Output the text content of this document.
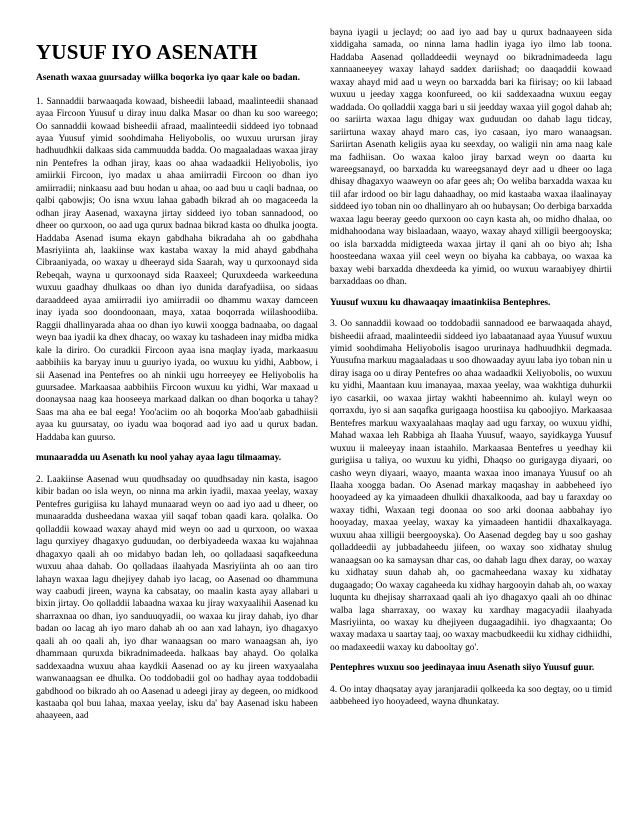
YUSUF IYO ASENATH

Asenath waxaa guursaday wiilka boqorka iyo qaar kale oo badan.

1. Sannaddii barwaaqada kowaad, bisheedii labaad, maalinteedii shanaad ayaa Fircoon Yuusuf u diray inuu dalka Masar oo dhan ku soo wareego; Oo sannaddii kowaad bisheedii afraad, maalinteedii siddeed iyo tobnaad ayaa Yuusuf yimid soohdimaha Heliyobolis, oo wuxuu urursan jiray hadhuudhkii dalkaas sida cammuudda badda. Oo magaaladaas waxaa jiray nin Pentefres la odhan jiray, kaas oo ahaa wadaadkii Heliyobolis, iyo amiirkii Fircoon, iyo madax u ahaa amiirradii Fircoon oo dhan iyo amiirradii; ninkaasu aad buu hodan u ahaa, oo aad buu u caqli badnaa, oo qalbi qabowjis; Oo isna wxuu lahaa gabadh bikrad ah oo magaceeda la odhan jiray Aasenad, waxayna jirtay siddeed iyo toban sannadood, oo dheer oo qurxoon, oo aad uga qurux badnaa bikrad kasta oo dhulka joogta. Haddaba Asenad isuma ekayn gabdhaha bikradaha ah oo gabdhaha Masriyiinta ah, laakiinse wax kastaba waxay la mid ahayd gabdhaha Cibraaniyada, oo waxay u dheerayd sida Saarah, way u qurxoonayd sida Rebeqah, wayna u qurxoonayd sida Raaxeel; Quruxdeeda warkeeduna wuxuu gaadhay dhulkaas oo dhan iyo dunida darafyadiisa, oo sidaas daraaddeed ayaa amiirradii iyo amiirradii oo dhammu waxay damceen inay iyada soo doondoonaan, maya, xataa boqorrada wiilashoodiiba. Raggii dhallinyarada ahaa oo dhan iyo kuwii xoogga badnaaba, oo dagaal weyn baa iyadii ka dhex dhacay, oo waxay ku tashadeen inay midba midka kale la diriro. Oo curadkii Fircoon ayaa isna maqlay iyada, markaasuu aabbihiis ka baryay inuu u guuriyo iyada, oo wuxuu ku yidhi, Aabbow, i sii Aasenad ina Pentefres oo ah ninkii ugu horreeyey ee Heliyobolis ha guursadee. Markaasaa aabbihiis Fircoon wuxuu ku yidhi, War maxaad u doonaysaa naag kaa hooseeya markaad dalkan oo dhan boqorka u tahay? Saas ma aha ee bal eega! Yoo'aciim oo ah boqorka Moo'aab gabadhiisii ayaa ku guursatay, oo iyadu waa boqorad aad iyo aad u qurux badan. Haddaba kan guurso.

munaaradda uu Asenath ku nool yahay ayaa lagu tilmaamay.

2. Laakiinse Aasenad wuu quudhsaday oo quudhsaday nin kasta, isagoo kibir badan oo isla weyn, oo ninna ma arkin iyadii, maxaa yeelay, waxay Pentefres gurigiisa ku lahayd munaarad weyn oo aad iyo aad u dheer, oo munaaradda dusheedana waxaa yiil saqaf toban qaadi kara. qolalka. Oo qolladdii kowaad waxay ahayd mid weyn oo aad u qurxoon, oo waxaa lagu qurxiyey dhagaxyo guduudan, oo derbiyadeeda waxaa ku wajahnaa dhagaxyo qaali ah oo midabyo badan leh, oo qolladaasi saqafkeeduna wuxuu ahaa dahab. Oo qolladaas ilaahyada Masriyiinta ah oo aan tiro lahayn waxaa lagu dhejiyey dahab iyo lacag, oo Aasenad oo dhammuna way caabudi jireen, wayna ka cabsatay, oo maalin kasta ayay allabari u bixin jirtay. Oo qolladdii labaadna waxaa ku jiray waxyaalihii Aasenad ku sharraxnaa oo dhan, iyo sanduuqyadii, oo waxaa ku jiray dahab, iyo dhar badan oo lacag ah iyo maro dahab ah oo aan xad lahayn, iyo dhagaxyo qaali ah oo qaali ah, iyo dhar wanaagsan oo maro wanaagsan ah, iyo dhammaan quruxda bikradnimadeeda. halkaas bay ahayd. Oo qolalka saddexaadna wuxuu ahaa kaydkii Aasenad oo ay ku jireen waxyaalaha wanwanaagsan ee dhulka. Oo toddobadii gol oo hadhay ayaa toddobadii gabdhood oo bikrado ah oo Aasenad u adeegi jiray ay degeen, oo midkood kastaaba qol buu lahaa, maxaa yeelay, isku da' bay Aasenad isku habeen ahaayeen, aad

bayna iyagii u jeclayd; oo aad iyo aad bay u qurux badnaayeen sida xiddigaha samada, oo ninna lama hadlin iyaga iyo ilmo lab toona. Haddaba Aasenad qolladdeedii weynayd oo bikradnimadeeda lagu xannaaneeyey waxay lahayd saddex dariishad; oo daaqaddii kowaad waxay ahayd mid aad u weyn oo barxadda bari ka fiirisay; oo kii labaad wuxuu u jeeday xagga koonfureed, oo kii saddexaadna wuxuu eegay waddada. Oo qolladdii xagga bari u sii jeedday waxaa yiil gogol dahab ah; oo sariirta waxaa lagu dhigay wax guduudan oo dahab lagu tidcay, sariirtuna waxay ahayd maro cas, iyo casaan, iyo maro wanaagsan. Sariirtan Asenath keligiis ayaa ku seexday, oo waligii nin ama naag kale ma fadhiisan. Oo waxaa kaloo jiray barxad weyn oo daarta ku wareegsanayd, oo barxadda ku wareegsanayd deyr aad u dheer oo laga dhisay dhagaxyo waaweyn oo afar gees ah; Oo weliba barxadda waxaa ku tiil afar irdood oo bir lagu dahaadhay, oo mid kastaaba waxaa ilaalinayay siddeed iyo toban nin oo dhallinyaro ah oo hubaysan; Oo derbiga barxadda waxaa lagu beeray geedo qurxoon oo cayn kasta ah, oo midho dhalaa, oo midhahoodana way bislaadaan, waayo, waxay ahayd xilligii beergooyska; oo isla barxadda midigteeda waxaa jirtay il qani ah oo biyo ah; Isha hoosteedana waxaa yiil ceel weyn oo biyaha ka cabbaya, oo waxaa ka baxay webi barxadda dhexdeeda ka yimid, oo wuxuu waraabiyey dhirtii barxaddaas oo dhan.

Yuusuf wuxuu ku dhawaaqay imaatinkiisa Bentephres.

3. Oo sannaddii kowaad oo toddobadii sannadood ee barwaaqada ahayd, bisheedii afraad, maalinteedii siddeed iyo labaatanaad ayaa Yuusuf wuxuu yimid soohdimaha Heliyobolis isagoo ururinaya hadhuudhkii degmada. Yuusufna markuu magaaladaas u soo dhowaaday ayuu laba iyo toban nin u diray isaga oo u diray Pentefres oo ahaa wadaadkii Xeliyobolis, oo wuxuu ku yidhi, Maantaan kuu imanayaa, maxaa yeelay, waa wakhtiga duhurkii iyo casarkii, oo waxaa jirtay wakhti habeennimo ah. kulayl weyn oo qorraxdu, iyo si aan saqafka gurigaaga hoostiisa ku qaboojiyo. Markaasaa Bentefres markuu waxyaalahaas maqlay aad ugu farxay, oo wuxuu yidhi, Mahad waxaa leh Rabbiga ah Ilaaha Yuusuf, waayo, sayidkayga Yuusuf wuxuu ii maleeyay inaan istaahilo. Markaasaa Bentefres u yeedhay kii gurigiisa u taliya, oo wuxuu ku yidhi, Dhaqso oo gurigayga diyaari, oo casho weyn diyaari, waayo, maanta waxaa inoo imanaya Yuusuf oo ah Ilaaha xoogga badan. Oo Asenad markay maqashay in aabbeheed iyo hooyadeed ay ka yimaadeen dhulkii dhaxalkooda, aad bay u faraxday oo waxay tidhi, Waxaan tegi doonaa oo soo arki doonaa aabbahay iyo hooyaday, maxaa yeelay, waxay ka yimaadeen hantidii dhaxalkayaga. wuxuu ahaa xilligii beergooyska). Oo Aasenad degdeg bay u soo gashay qolladdeedii ay jubbadaheedu jiifeen, oo waxay soo xidhatay shulug wanaagsan oo ka samaysan dhar cas, oo dahab lagu dhex daray, oo waxay ku xidhatay suun dahab ah, oo gacmaheedana waxay ku xidhatay dugaagado; Oo waxay cagaheeda ku xidhay hargooyin dahab ah, oo waxay luqunta ku dhejisay sharraxaad qaali ah iyo dhagaxyo qaali ah oo dhinac walba laga sharraxay, oo waxay ku xardhay magacyadii ilaahyada Masriyiinta, oo waxay ku dhejiyeen dugaagadihii. iyo dhagxaanta; Oo waxay madaxa u saartay taaj, oo waxay macbudkeedii ku xidhay cidhiidhi, oo madaxeedii waxay ku dabooltay go'.

Pentephres wuxuu soo jeedinayaa inuu Asenath siiyo Yuusuf guur.

4. Oo intay dhaqsatay ayay jaranjaradii qolkeeda ka soo degtay, oo u timid aabbeheed iyo hooyadeed, wayna dhunkatay.
